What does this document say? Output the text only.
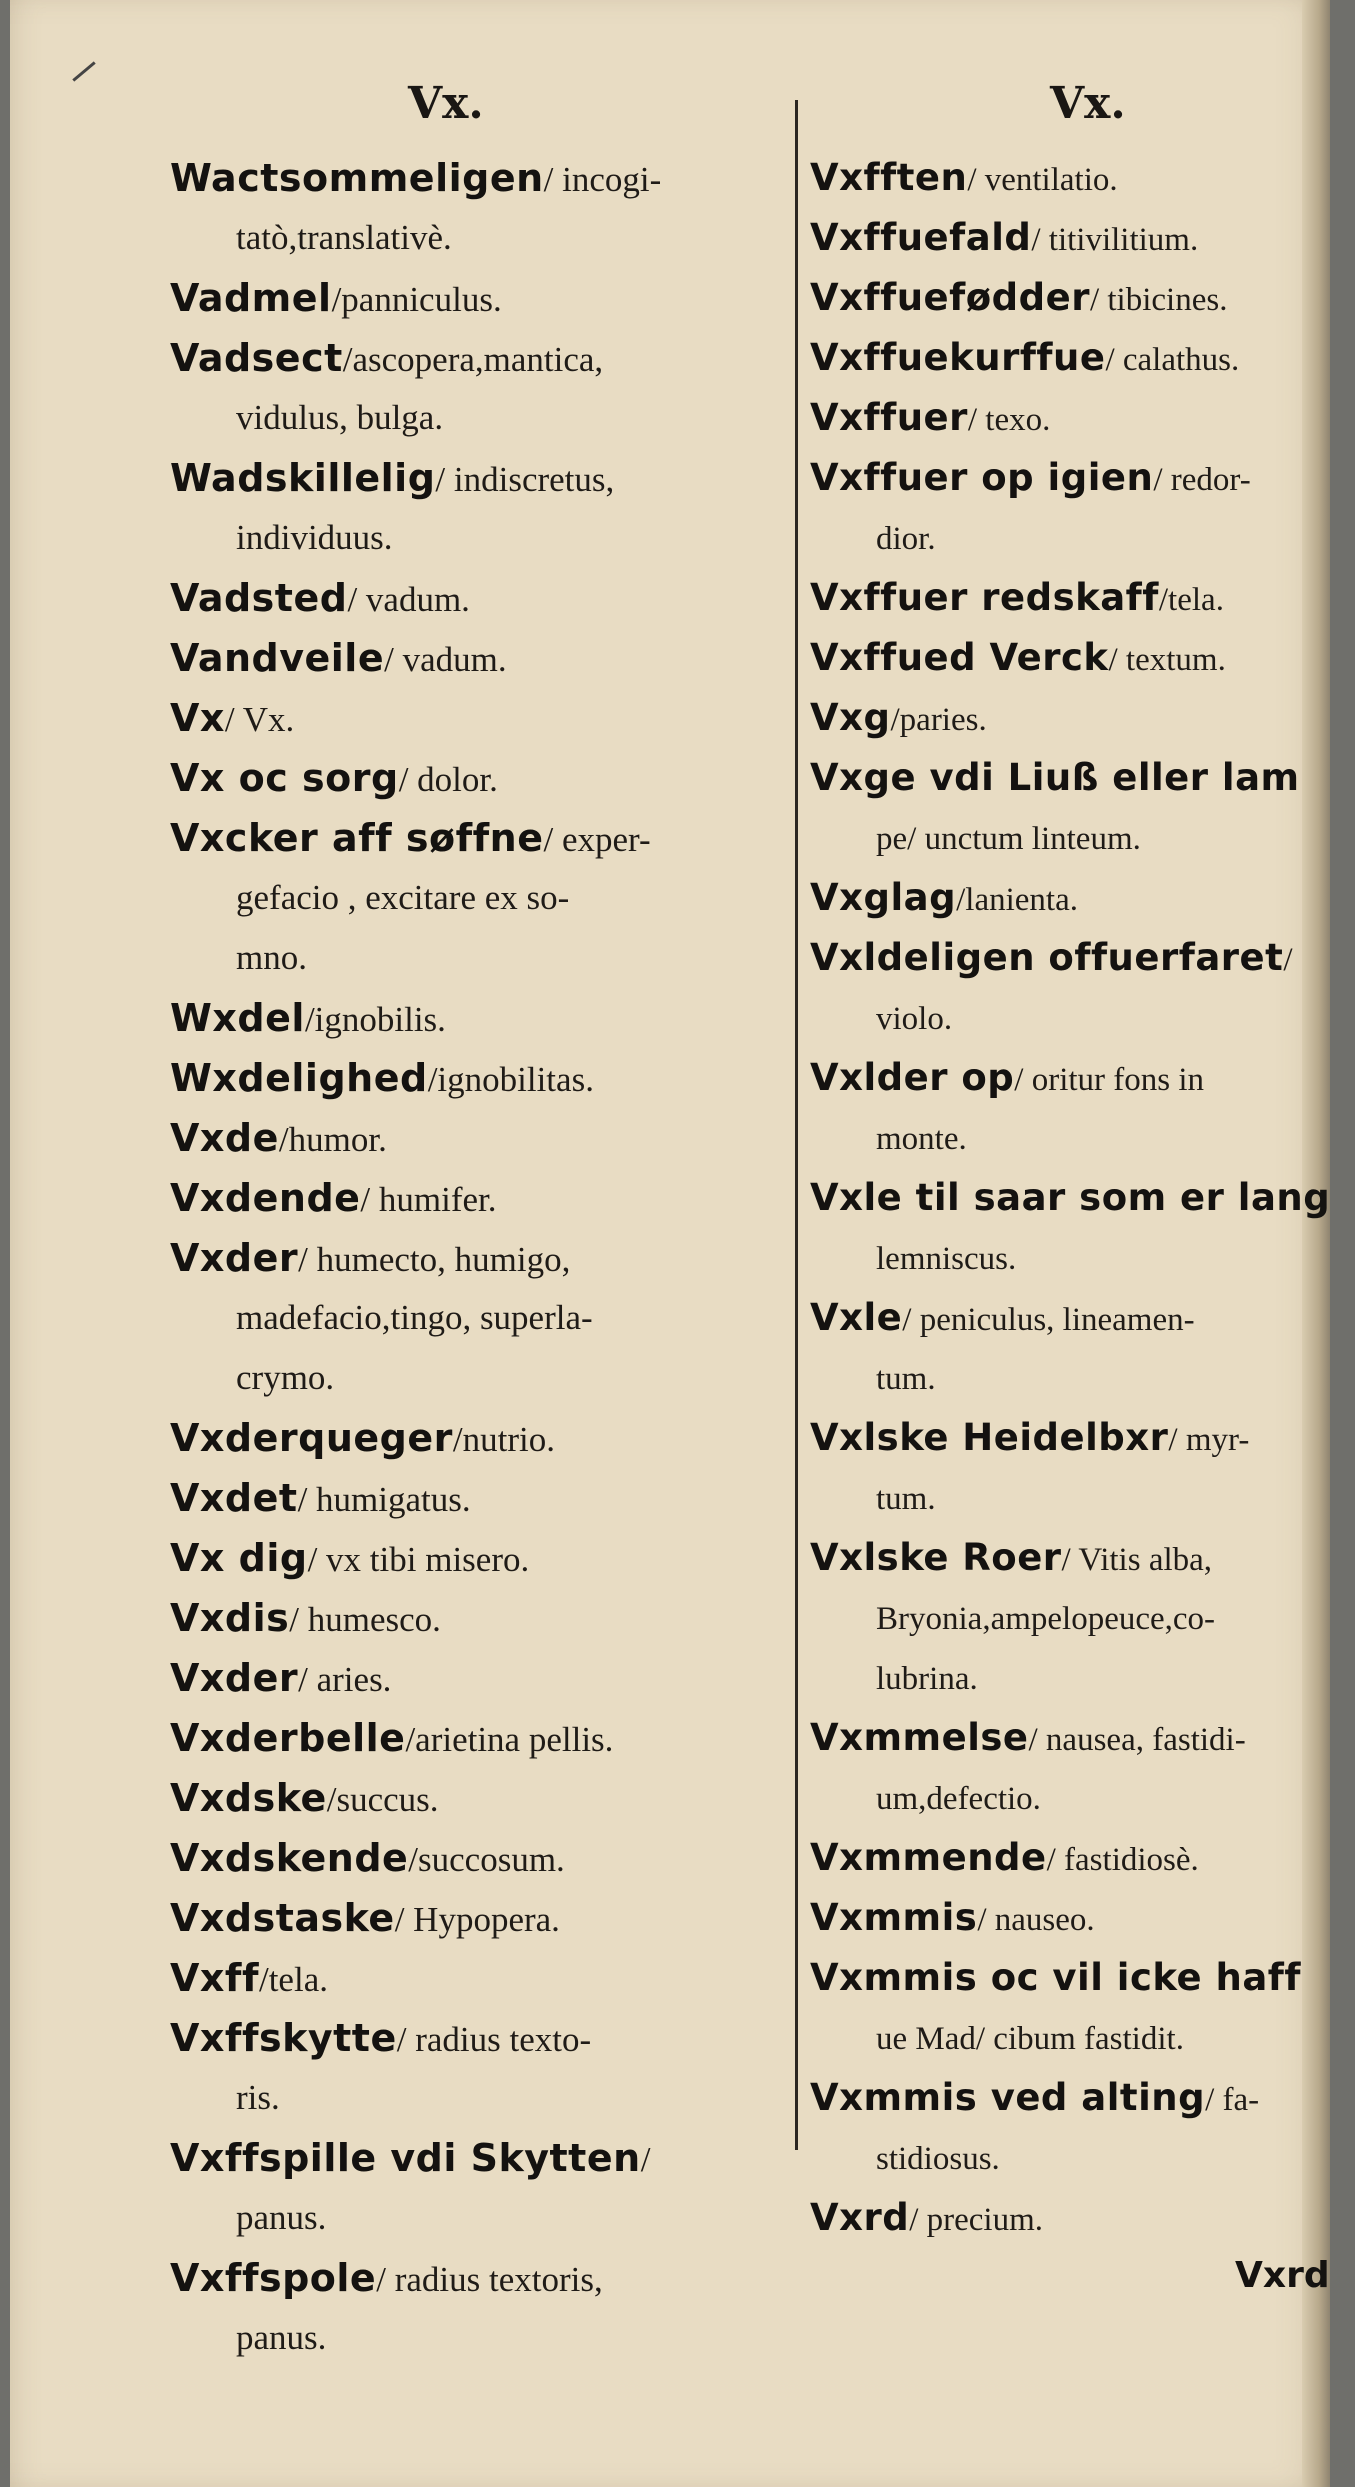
Vx.	Vx.
Wactsommeligen/ incogi-
tatò,translativè.
Vadmel/panniculus.
Vadsect/ascopera,mantica,
vidulus, bulga.
Wadskillelig/ indiscretus,
individuus.
Vadsted/ vadum.
Vandveile/ vadum.
Vx/ Vx.
Vx oc sorg/ dolor.
Vxcker aff søffne/ exper-
gefacio , excitare ex so-
mno.
Wxdel/ignobilis.
Wxdelighed/ignobilitas.
Vxde/humor.
Vxdende/ humifer.
Vxder/ humecto, humigo,
madefacio,tingo, superla-
crymo.
Vxderqueger/nutrio.
Vxdet/ humigatus.
Vx dig/ vx tibi misero.
Vxdis/ humesco.
Vxder/ aries.
Vxderbelle/arietina pellis.
Vxdske/succus.
Vxdskende/succosum.
Vxdstaske/ Hypopera.
Vxff/tela.
Vxffskytte/ radius texto-
ris.
Vxffspille vdi Skytten/
panus.
Vxffspole/ radius textoris,
panus.
Vxfften/ ventilatio.
Vxffuefald/ titivilitium.
Vxffuefødder/ tibicines.
Vxffuekurffue/ calathus.
Vxffuer/ texo.
Vxffuer op igien/ redor-
dior.
Vxffuer redskaff/tela.
Vxffued Verck/ textum.
Vxg/paries.
Vxge vdi Liuß eller lam
pe/ unctum linteum.
Vxglag/lanienta.
Vxldeligen offuerfaret/
violo.
Vxlder op/ oritur fons in
monte.
Vxle til saar som er lang
lemniscus.
Vxle/ peniculus, lineamen-
tum.
Vxlske Heidelbxr/ myr-
tum.
Vxlske Roer/ Vitis alba,
Bryonia,ampelopeuce,co-
lubrina.
Vxmmelse/ nausea, fastidi-
um,defectio.
Vxmmende/ fastidiosè.
Vxmmis/ nauseo.
Vxmmis oc vil icke haff
ue Mad/ cibum fastidit.
Vxmmis ved alting/ fa-
stidiosus.
Vxrd/ precium.
Vxrd
